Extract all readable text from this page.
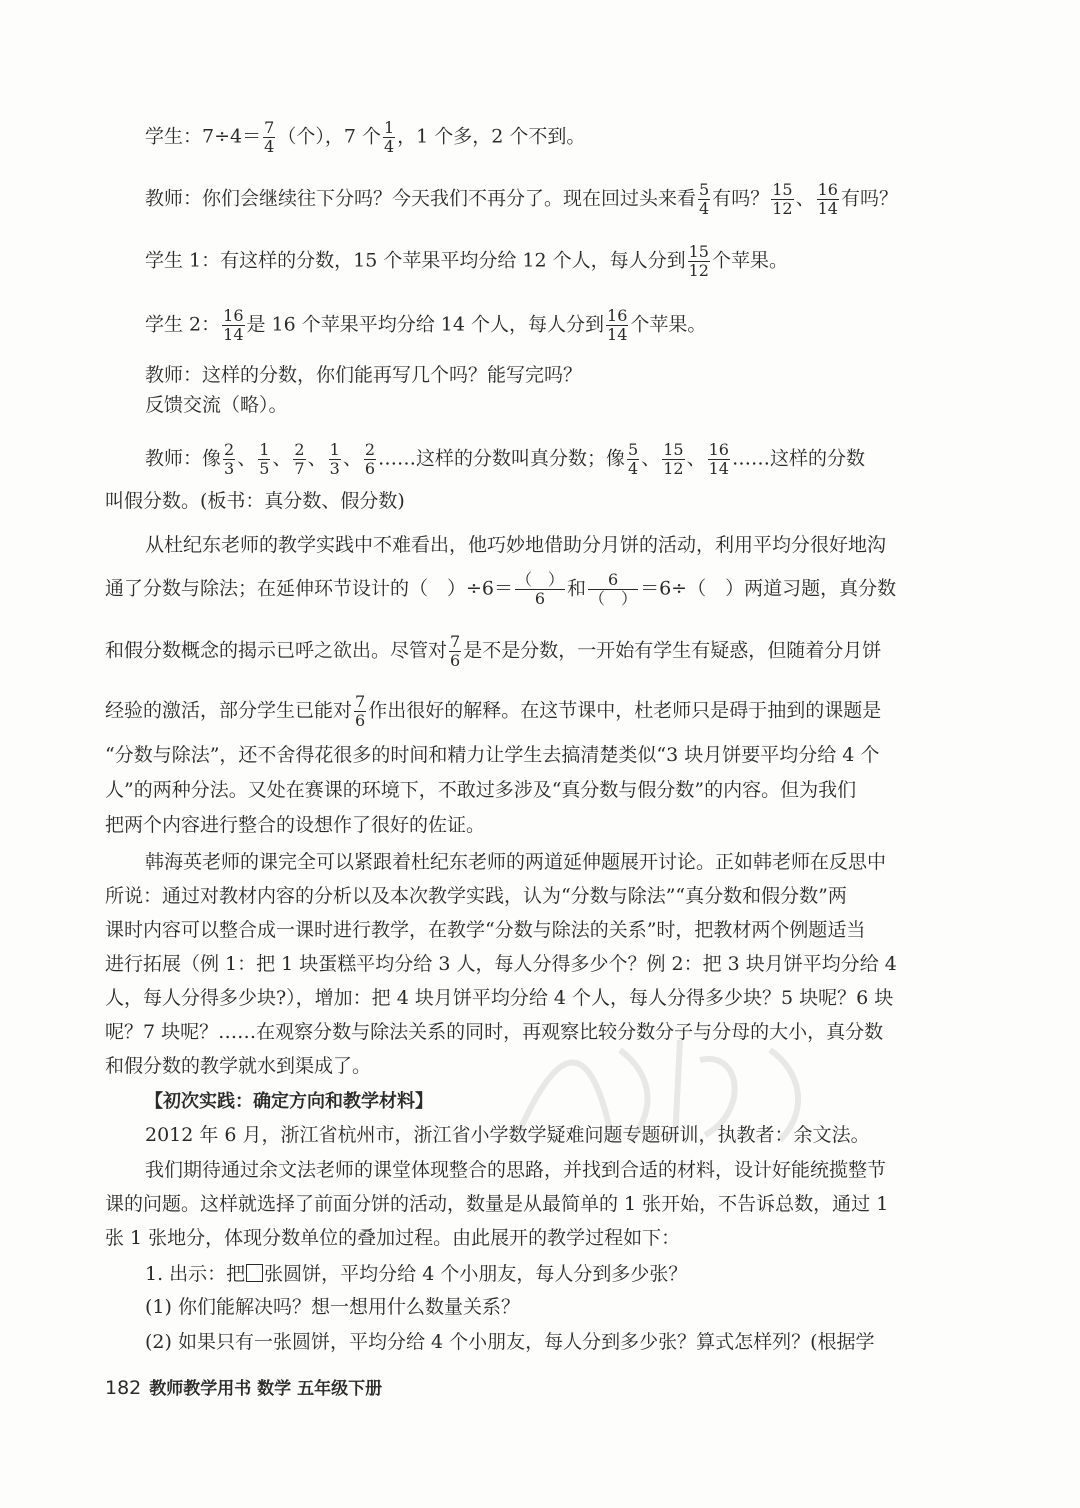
学生：$7\div 4= \frac{7}{4}$ （个），7 个 $\frac{1}{4}$ ，1 个多，2 个不到。
教师：你们会继续往下分吗？今天我们不再分了。现在回过头来看 $\frac{5}{4}$ 有吗？ $\frac{15}{12}$ 、 $\frac{16}{14}$ 有吗？
学生 1：有这样的分数，15 个苹果平均分给 12 个人，每人分到 $\frac{15}{12}$ 个苹果。
学生 2： $\frac{16}{14}$ 是 16 个苹果平均分给 14 个人，每人分到 $\frac{16}{14}$ 个苹果。
教师：这样的分数，你们能再写几个吗？能写完吗？
反馈交流（略）。
教师：像 $\frac{2}{3}$ 、 $\frac{1}{5}$ 、 $\frac{2}{7}$ 、 $\frac{1}{3}$ 、 $\frac{2}{6}$ ……这样的分数叫真分数；像 $\frac{5}{4}$ 、 $\frac{15}{12}$ 、 $\frac{16}{14}$ ……这样的分数
叫假分数。(板书：真分数、假分数)
从杜纪东老师的教学实践中不难看出，他巧妙地借助分月饼的活动，利用平均分很好地沟
通了分数与除法；在延伸环节设计的（　）$\div 6= \frac{( )}{6}$ 和 $\frac{6}{( )} =6\div$（　）两道习题，真分数
和假分数概念的揭示已呼之欲出。尽管对 $\frac{7}{6}$ 是不是分数，一开始有学生有疑惑，但随着分月饼
经验的激活，部分学生已能对 $\frac{7}{6}$ 作出很好的解释。在这节课中，杜老师只是碍于抽到的课题是
“分数与除法”，还不舍得花很多的时间和精力让学生去搞清楚类似“3 块月饼要平均分给 4 个
人”的两种分法。又处在赛课的环境下，不敢过多涉及“真分数与假分数”的内容。但为我们
把两个内容进行整合的设想作了很好的佐证。
韩海英老师的课完全可以紧跟着杜纪东老师的两道延伸题展开讨论。正如韩老师在反思中
所说：通过对教材内容的分析以及本次教学实践，认为“分数与除法”“真分数和假分数”两
课时内容可以整合成一课时进行教学，在教学“分数与除法的关系”时，把教材两个例题适当
进行拓展（例 1：把 1 块蛋糕平均分给 3 人，每人分得多少个？例 2：把 3 块月饼平均分给 4
人，每人分得多少块?），增加：把 4 块月饼平均分给 4 个人，每人分得多少块？5 块呢？6 块
呢？7 块呢？……在观察分数与除法关系的同时，再观察比较分数分子与分母的大小，真分数
和假分数的教学就水到渠成了。
【初次实践：确定方向和教学材料】
2012 年 6 月，浙江省杭州市，浙江省小学数学疑难问题专题研训，执教者：余文法。
我们期待通过余文法老师的课堂体现整合的思路，并找到合适的材料，设计好能统揽整节
课的问题。这样就选择了前面分饼的活动，数量是从最简单的 1 张开始，不告诉总数，通过 1
张 1 张地分，体现分数单位的叠加过程。由此展开的教学过程如下：
1. 出示：把 张圆饼，平均分给 4 个小朋友，每人分到多少张？
(1) 你们能解决吗？想一想用什么数量关系？
(2) 如果只有一张圆饼，平均分给 4 个小朋友，每人分到多少张？算式怎样列？(根据学
182 教师教学用书 数学 五年级下册
